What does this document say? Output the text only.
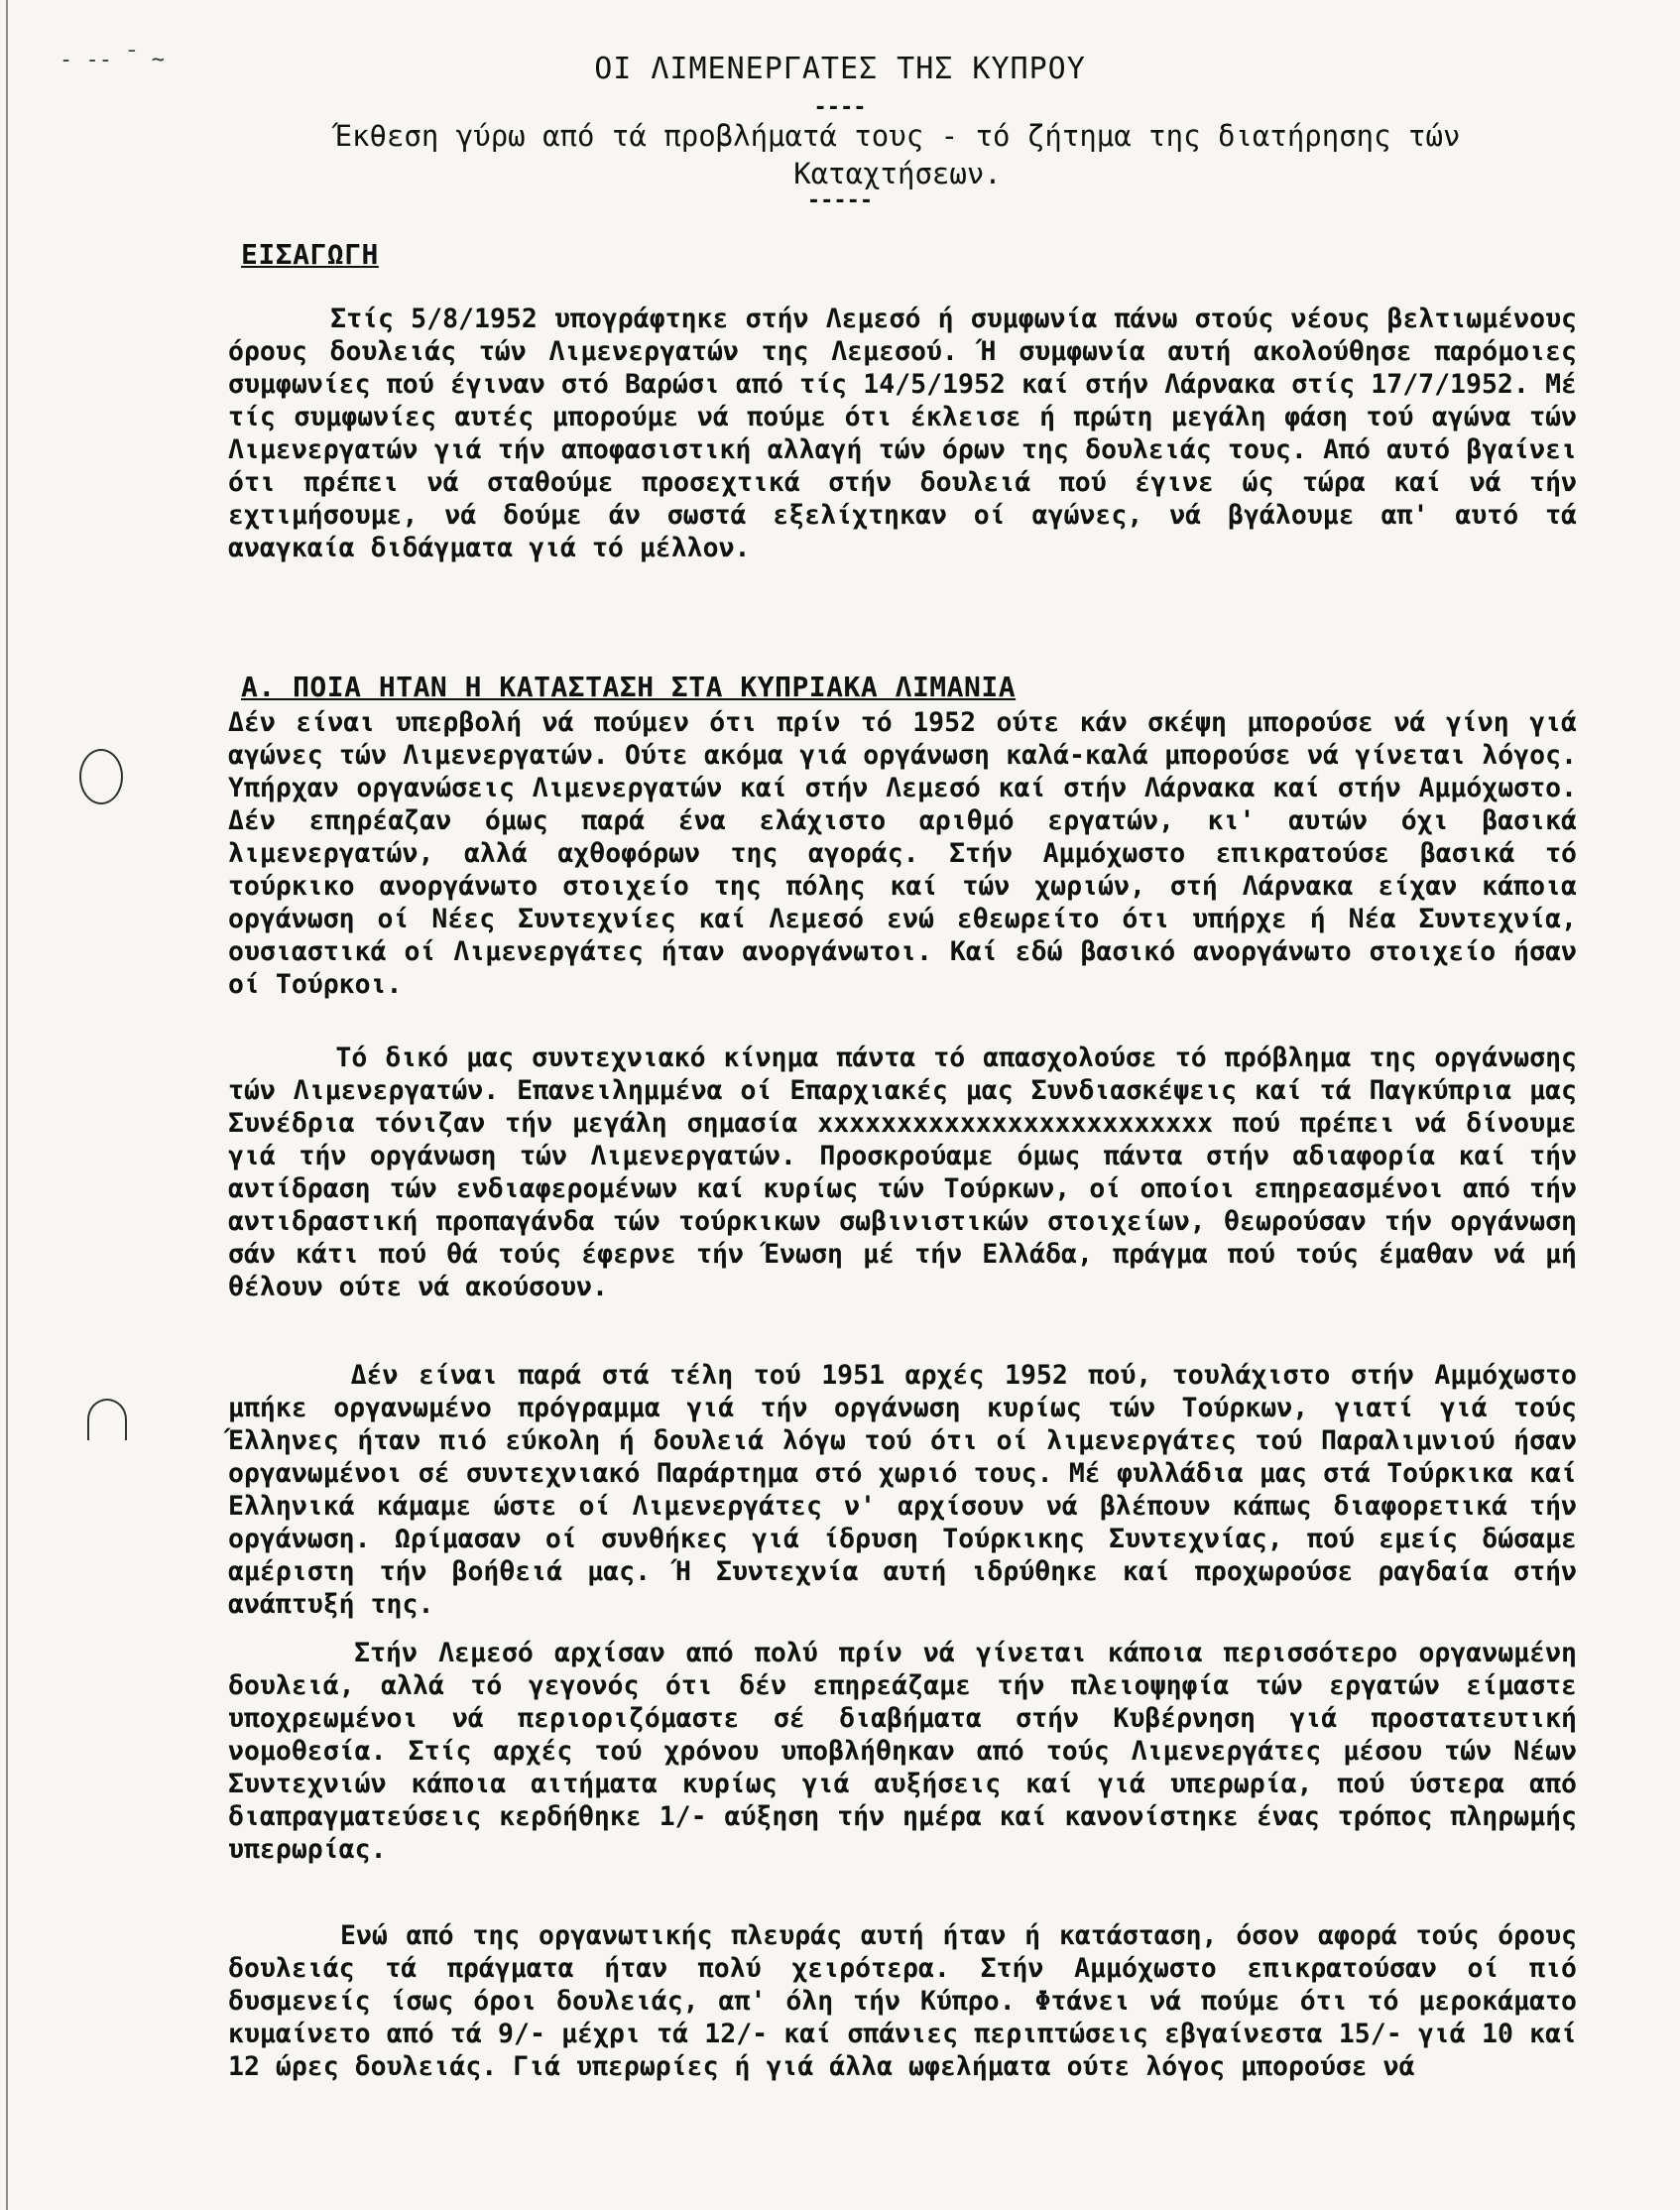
- -- ¯ ~	ΟΙ ΛΙΜΕΝΕΡΓΑΤΕΣ ΤΗΣ ΚΥΠΡΟΥ
----
Έκθεση γύρω από τά προβλήματά τους - τό ζήτημα της διατήρησης τών Καταχτήσεων.
-----
ΕΙΣΑΓΩΓΗ
Στίς 5/8/1952 υπογράφτηκε στήν Λεμεσό ή συμφωνία πάνω στούς νέους βελτιωμένους όρους δουλειάς τών Λιμενεργατών της Λεμεσού. Ή συμφωνία αυτή ακολούθησε παρόμοιες συμφωνίες πού έγιναν στό Βαρώσι από τίς 14/5/1952 καί στήν Λάρνακα στίς 17/7/1952. Μέ τίς συμφωνίες αυτές μπορούμε νά πούμε ότι έκλεισε ή πρώτη μεγάλη φάση τού αγώνα τών Λιμενεργατών γιά τήν αποφασιστική αλλαγή τών όρων της δουλειάς τους. Από αυτό βγαίνει ότι πρέπει νά σταθούμε προσεχτικά στήν δουλειά πού έγινε ώς τώρα καί νά τήν εχτιμήσουμε, νά δούμε άν σωστά εξελίχτηκαν οί αγώνες, νά βγάλουμε απ' αυτό τά αναγκαία διδάγματα γιά τό μέλλον.
Α. ΠΟΙΑ ΗΤΑΝ Η ΚΑΤΑΣΤΑΣΗ ΣΤΑ ΚΥΠΡΙΑΚΑ ΛΙΜΑΝΙΑ
Δέν είναι υπερβολή νά πούμεν ότι πρίν τό 1952 ούτε κάν σκέψη μπορούσε νά γίνη γιά αγώνες τών Λιμενεργατών. Ούτε ακόμα γιά οργάνωση καλά-καλά μπορούσε νά γίνεται λόγος. Υπήρχαν οργανώσεις Λιμενεργατών καί στήν Λεμεσό καί στήν Λάρνακα καί στήν Αμμόχωστο. Δέν επηρέαζαν όμως παρά ένα ελάχιστο αριθμό εργατών, κι' αυτών όχι βασικά λιμενεργατών, αλλά αχθοφόρων της αγοράς. Στήν Αμμόχωστο επικρατούσε βασικά τό τούρκικο ανοργάνωτο στοιχείο της πόλης καί τών χωριών, στή Λάρνακα είχαν κάποια οργάνωση οί Νέες Συντεχνίες καί Λεμεσό ενώ εθεωρείτο ότι υπήρχε ή Νέα Συντεχνία, ουσιαστικά οί Λιμενεργάτες ήταν ανοργάνωτοι. Καί εδώ βασικό ανοργάνωτο στοιχείο ήσαν οί Τούρκοι.
Τό δικό μας συντεχνιακό κίνημα πάντα τό απασχολούσε τό πρόβλημα της οργάνωσης τών Λιμενεργατών. Επανειλημμένα οί Επαρχιακές μας Συνδιασκέψεις καί τά Παγκύπρια μας Συνέδρια τόνιζαν τήν μεγάλη σημασία xxxxxxxxxxxxxxxxxxxxxxxxx πού πρέπει νά δίνουμε γιά τήν οργάνωση τών Λιμενεργατών. Προσκρούαμε όμως πάντα στήν αδιαφορία καί τήν αντίδραση τών ενδιαφερομένων καί κυρίως τών Τούρκων, οί οποίοι επηρεασμένοι από τήν αντιδραστική προπαγάνδα τών τούρκικων σωβινιστικών στοιχείων, θεωρούσαν τήν οργάνωση σάν κάτι πού θά τούς έφερνε τήν Ένωση μέ τήν Ελλάδα, πράγμα πού τούς έμαθαν νά μή θέλουν ούτε νά ακούσουν.
Δέν είναι παρά στά τέλη τού 1951 αρχές 1952 πού, τουλάχιστο στήν Αμμόχωστο μπήκε οργανωμένο πρόγραμμα γιά τήν οργάνωση κυρίως τών Τούρκων, γιατί γιά τούς Έλληνες ήταν πιό εύκολη ή δουλειά λόγω τού ότι οί λιμενεργάτες τού Παραλιμνιού ήσαν οργανωμένοι σέ συντεχνιακό Παράρτημα στό χωριό τους. Μέ φυλλάδια μας στά Τούρκικα καί Ελληνικά κάμαμε ώστε οί Λιμενεργάτες ν' αρχίσουν νά βλέπουν κάπως διαφορετικά τήν οργάνωση. Ωρίμασαν οί συνθήκες γιά ίδρυση Τούρκικης Συντεχνίας, πού εμείς δώσαμε αμέριστη τήν βοήθειά μας. Ή Συντεχνία αυτή ιδρύθηκε καί προχωρούσε ραγδαία στήν ανάπτυξή της.
Στήν Λεμεσό αρχίσαν από πολύ πρίν νά γίνεται κάποια περισσότερο οργανωμένη δουλειά, αλλά τό γεγονός ότι δέν επηρεάζαμε τήν πλειοψηφία τών εργατών είμαστε υποχρεωμένοι νά περιοριζόμαστε σέ διαβήματα στήν Κυβέρνηση γιά προστατευτική νομοθεσία. Στίς αρχές τού χρόνου υποβλήθηκαν από τούς Λιμενεργάτες μέσου τών Νέων Συντεχνιών κάποια αιτήματα κυρίως γιά αυξήσεις καί γιά υπερωρία, πού ύστερα από διαπραγματεύσεις κερδήθηκε 1/- αύξηση τήν ημέρα καί κανονίστηκε ένας τρόπος πληρωμής υπερωρίας.
Ενώ από της οργανωτικής πλευράς αυτή ήταν ή κατάσταση, όσον αφορά τούς όρους δουλειάς τά πράγματα ήταν πολύ χειρότερα. Στήν Αμμόχωστο επικρατούσαν οί πιό δυσμενείς ίσως όροι δουλειάς, απ' όλη τήν Κύπρο. Φτάνει νά πούμε ότι τό μεροκάματο κυμαίνετο από τά 9/- μέχρι τά 12/- καί σπάνιες περιπτώσεις εβγαίνεστα 15/- γιά 10 καί 12 ώρες δουλειάς. Γιά υπερωρίες ή γιά άλλα ωφελήματα ούτε λόγος μπορούσε νά
